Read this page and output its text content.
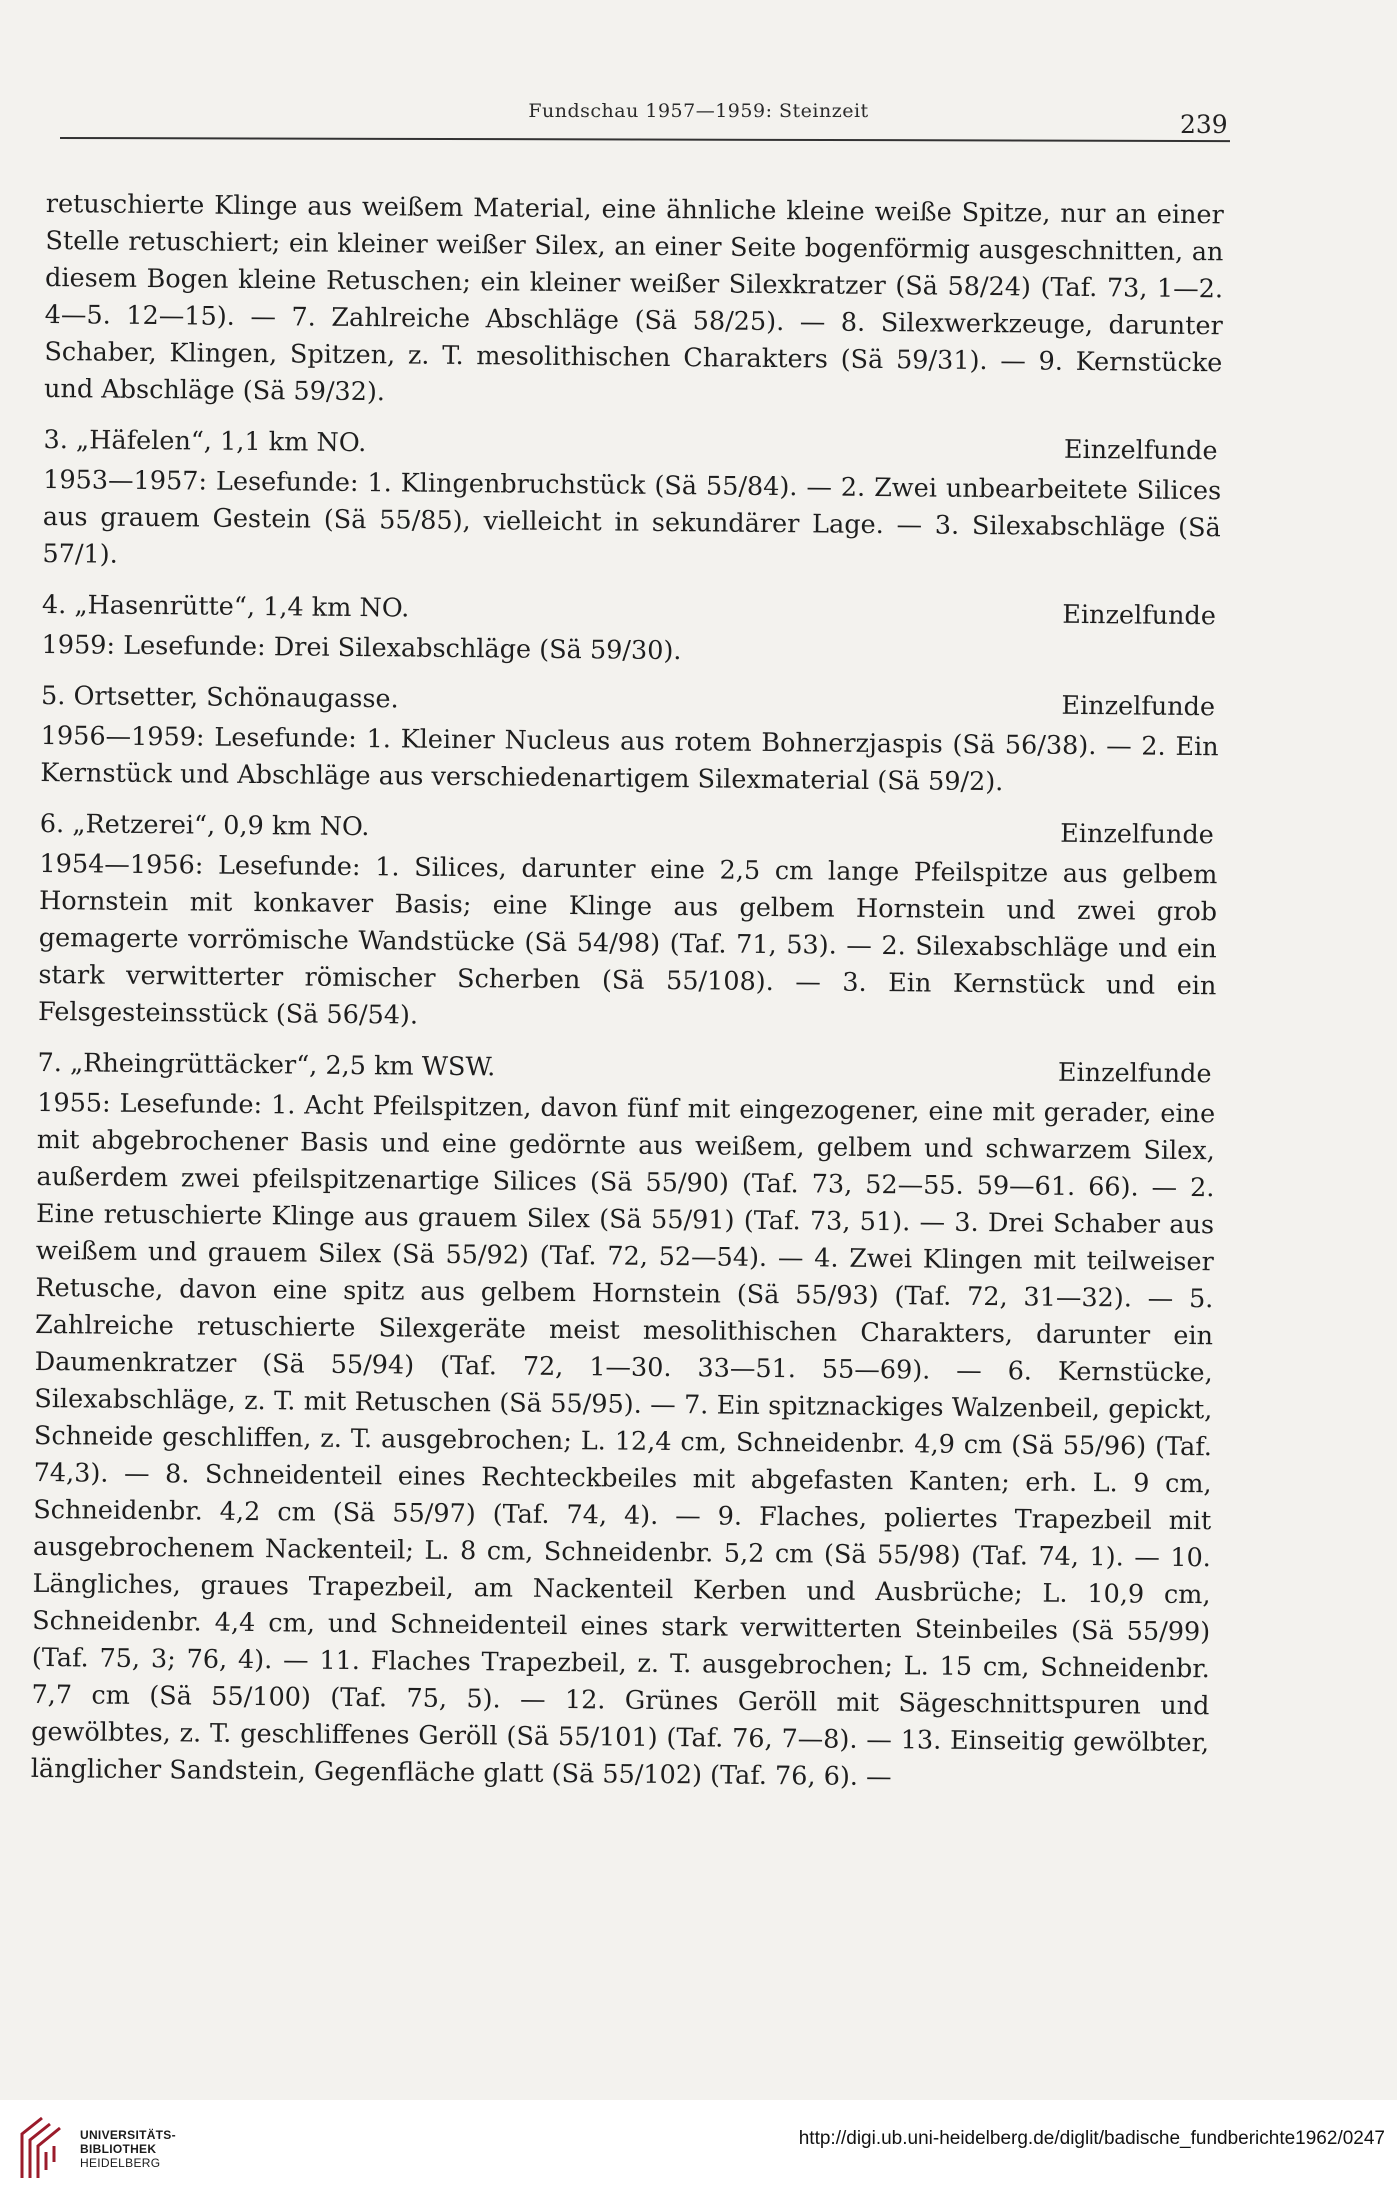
Fundschau 1957—1959: Steinzeit	239

retuschierte Klinge aus weißem Material, eine ähnliche kleine weiße Spitze, nur an einer Stelle retuschiert; ein kleiner weißer Silex, an einer Seite bogenförmig ausgeschnitten, an diesem Bogen kleine Retuschen; ein kleiner weißer Silexkratzer (Sä 58/24) (Taf. 73, 1—2. 4—5. 12—15). — 7. Zahlreiche Abschläge (Sä 58/25). — 8. Silexwerkzeuge, darunter Schaber, Klingen, Spitzen, z. T. mesolithischen Charakters (Sä 59/31). — 9. Kernstücke und Abschläge (Sä 59/32).

3. „Häfelen“, 1,1 km NO.	Einzelfunde

1953—1957: Lesefunde: 1. Klingenbruchstück (Sä 55/84). — 2. Zwei unbearbeitete Silices aus grauem Gestein (Sä 55/85), vielleicht in sekundärer Lage. — 3. Silexabschläge (Sä 57/1).

4. „Hasenrütte“, 1,4 km NO.	Einzelfunde

1959: Lesefunde: Drei Silexabschläge (Sä 59/30).

5. Ortsetter, Schönaugasse.	Einzelfunde

1956—1959: Lesefunde: 1. Kleiner Nucleus aus rotem Bohnerzjaspis (Sä 56/38). — 2. Ein Kernstück und Abschläge aus verschiedenartigem Silexmaterial (Sä 59/2).

6. „Retzerei“, 0,9 km NO.	Einzelfunde

1954—1956: Lesefunde: 1. Silices, darunter eine 2,5 cm lange Pfeilspitze aus gelbem Hornstein mit konkaver Basis; eine Klinge aus gelbem Hornstein und zwei grob gemagerte vorrömische Wandstücke (Sä 54/98) (Taf. 71, 53). — 2. Silexabschläge und ein stark verwitterter römischer Scherben (Sä 55/108). — 3. Ein Kernstück und ein Felsgesteinsstück (Sä 56/54).

7. „Rheingrüttäcker“, 2,5 km WSW.	Einzelfunde

1955: Lesefunde: 1. Acht Pfeilspitzen, davon fünf mit eingezogener, eine mit gerader, eine mit abgebrochener Basis und eine gedörnte aus weißem, gelbem und schwarzem Silex, außerdem zwei pfeilspitzenartige Silices (Sä 55/90) (Taf. 73, 52—55. 59—61. 66). — 2. Eine retuschierte Klinge aus grauem Silex (Sä 55/91) (Taf. 73, 51). — 3. Drei Schaber aus weißem und grauem Silex (Sä 55/92) (Taf. 72, 52—54). — 4. Zwei Klingen mit teilweiser Retusche, davon eine spitz aus gelbem Hornstein (Sä 55/93) (Taf. 72, 31—32). — 5. Zahlreiche retuschierte Silexgeräte meist mesolithischen Charakters, darunter ein Daumenkratzer (Sä 55/94) (Taf. 72, 1—30. 33—51. 55—69). — 6. Kernstücke, Silexabschläge, z. T. mit Retuschen (Sä 55/95). — 7. Ein spitznackiges Walzenbeil, gepickt, Schneide geschliffen, z. T. ausgebrochen; L. 12,4 cm, Schneidenbr. 4,9 cm (Sä 55/96) (Taf. 74,3). — 8. Schneidenteil eines Rechteckbeiles mit abgefasten Kanten; erh. L. 9 cm, Schneidenbr. 4,2 cm (Sä 55/97) (Taf. 74, 4). — 9. Flaches, poliertes Trapezbeil mit ausgebrochenem Nackenteil; L. 8 cm, Schneidenbr. 5,2 cm (Sä 55/98) (Taf. 74, 1). — 10. Längliches, graues Trapezbeil, am Nackenteil Kerben und Ausbrüche; L. 10,9 cm, Schneidenbr. 4,4 cm, und Schneidenteil eines stark verwitterten Steinbeiles (Sä 55/99) (Taf. 75, 3; 76, 4). — 11. Flaches Trapezbeil, z. T. ausgebrochen; L. 15 cm, Schneidenbr. 7,7 cm (Sä 55/100) (Taf. 75, 5). — 12. Grünes Geröll mit Sägeschnittspuren und gewölbtes, z. T. geschliffenes Geröll (Sä 55/101) (Taf. 76, 7—8). — 13. Einseitig gewölbter, länglicher Sandstein, Gegenfläche glatt (Sä 55/102) (Taf. 76, 6). —

UNIVERSITÄTS-
BIBLIOTHEK
HEIDELBERG
http://digi.ub.uni-heidelberg.de/diglit/badische_fundberichte1962/0247
